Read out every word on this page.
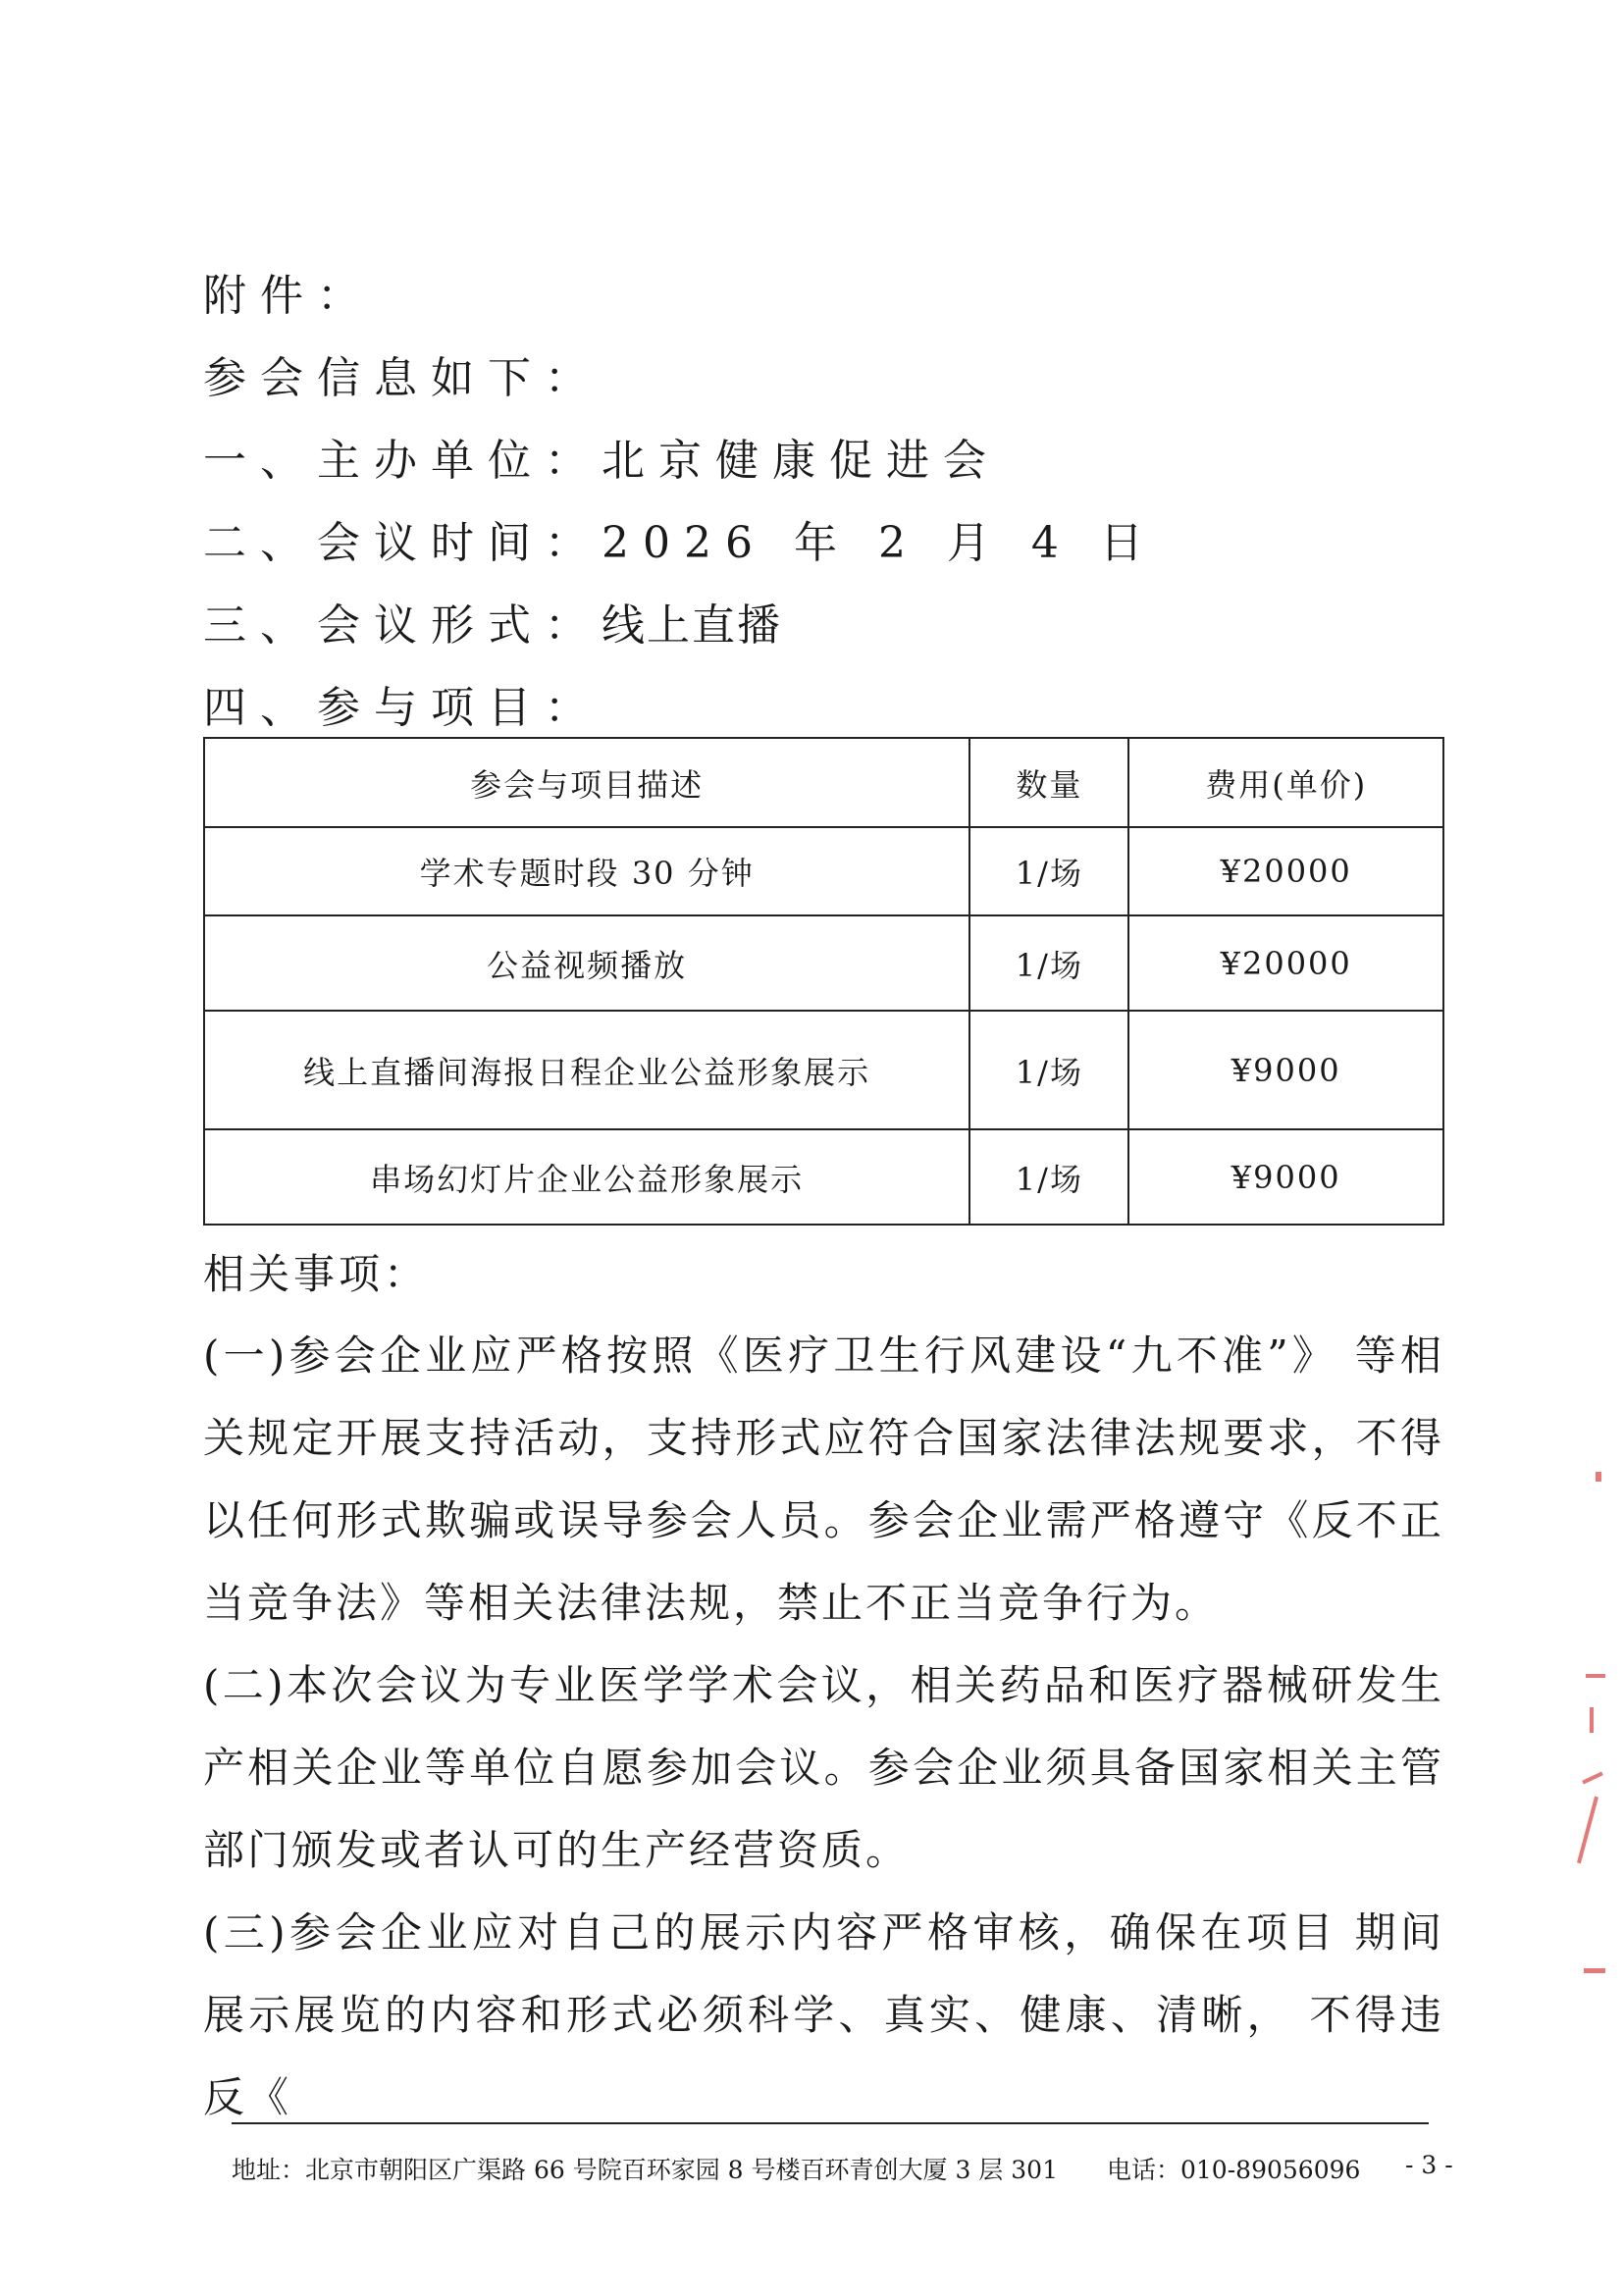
附件：
参会信息如下：
一、主办单位：北京健康促进会
二、会议时间：2026 年 2 月 4 日
三、会议形式：线上直播
四、参与项目：
参会与项目描述	数量	费用(单价)
学术专题时段 30 分钟	1/场	¥20000
公益视频播放	1/场	¥20000
线上直播间海报日程企业公益形象展示	1/场	¥9000
串场幻灯片企业公益形象展示	1/场	¥9000
相关事项：
(一)参会企业应严格按照《医疗卫生行风建设“九不准”》 等相关规定开展支持活动，支持形式应符合国家法律法规要求，不得以任何形式欺骗或误导参会人员。参会企业需严格遵守《反不正当竞争法》等相关法律法规，禁止不正当竞争行为。
(二)本次会议为专业医学学术会议，相关药品和医疗器械研发生产相关企业等单位自愿参加会议。参会企业须具备国家相关主管部门颁发或者认可的生产经营资质。
(三)参会企业应对自己的展示内容严格审核，确保在项目 期间展示展览的内容和形式必须科学、真实、健康、清晰， 不得违反《
地址：北京市朝阳区广渠路 66 号院百环家园 8 号楼百环青创大厦 3 层 301 电话：010-89056096 - 3 -
